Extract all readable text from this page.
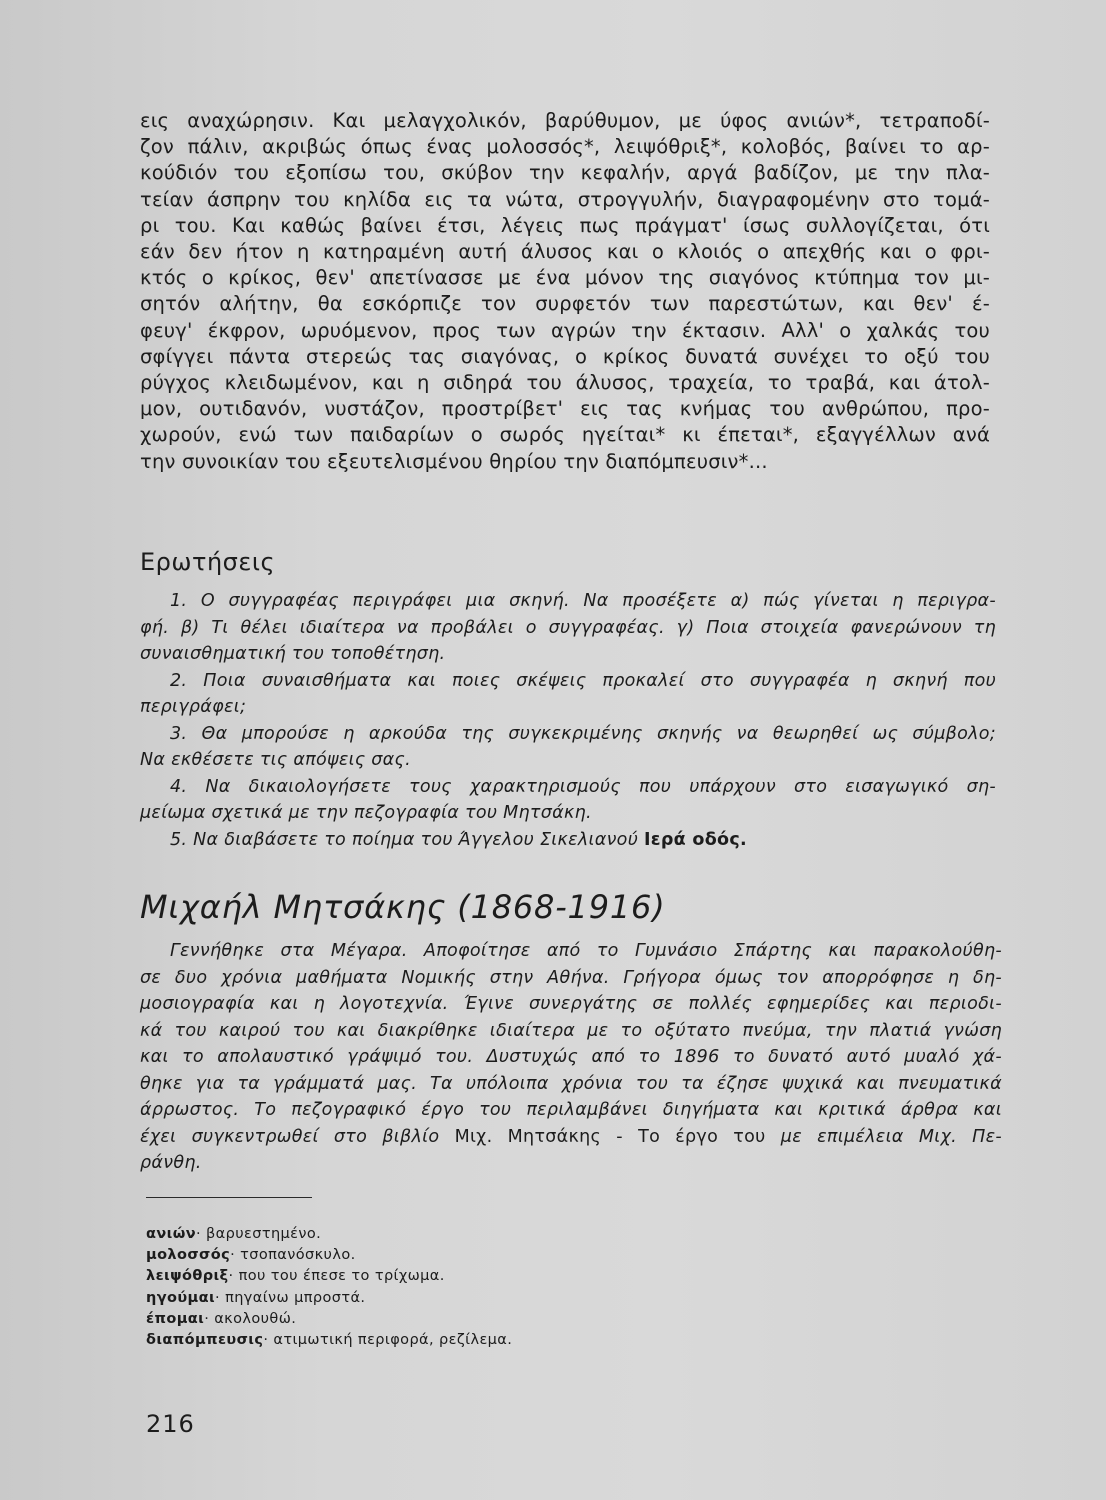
εις αναχώρησιν. Και μελαγχολικόν, βαρύθυμον, με ύφος ανιών*, τετραποδί-
ζον πάλιν, ακριβώς όπως ένας μολοσσός*, λειψόθριξ*, κολοβός, βαίνει το αρ-
κούδιόν του εξοπίσω του, σκύβον την κεφαλήν, αργά βαδίζον, με την πλα-
τείαν άσπρην του κηλίδα εις τα νώτα, στρογγυλήν, διαγραφομένην στο τομά-
ρι του. Και καθώς βαίνει έτσι, λέγεις πως πράγματ' ίσως συλλογίζεται, ότι
εάν δεν ήτον η κατηραμένη αυτή άλυσος και ο κλοιός ο απεχθής και ο φρι-
κτός ο κρίκος, θεν' απετίνασσε με ένα μόνον της σιαγόνος κτύπημα τον μι-
σητόν αλήτην, θα εσκόρπιζε τον συρφετόν των παρεστώτων, και θεν' έ-
φευγ' έκφρον, ωρυόμενον, προς των αγρών την έκτασιν. Αλλ' ο χαλκάς του
σφίγγει πάντα στερεώς τας σιαγόνας, ο κρίκος δυνατά συνέχει το οξύ του
ρύγχος κλειδωμένον, και η σιδηρά του άλυσος, τραχεία, το τραβά, και άτολ-
μον, ουτιδανόν, νυστάζον, προστρίβετ' εις τας κνήμας του ανθρώπου, προ-
χωρούν, ενώ των παιδαρίων ο σωρός ηγείται* κι έπεται*, εξαγγέλλων ανά
την συνοικίαν του εξευτελισμένου θηρίου την διαπόμπευσιν*...
Ερωτήσεις
1. Ο συγγραφέας περιγράφει μια σκηνή. Να προσέξετε α) πώς γίνεται η περιγρα-
φή. β) Τι θέλει ιδιαίτερα να προβάλει ο συγγραφέας. γ) Ποια στοιχεία φανερώνουν τη
συναισθηματική του τοποθέτηση.
2. Ποια συναισθήματα και ποιες σκέψεις προκαλεί στο συγγραφέα η σκηνή που
περιγράφει;
3. Θα μπορούσε η αρκούδα της συγκεκριμένης σκηνής να θεωρηθεί ως σύμβολο;
Να εκθέσετε τις απόψεις σας.
4. Να δικαιολογήσετε τους χαρακτηρισμούς που υπάρχουν στο εισαγωγικό ση-
μείωμα σχετικά με την πεζογραφία του Μητσάκη.
5. Να διαβάσετε το ποίημα του Άγγελου Σικελιανού Ιερά οδός.
Μιχαήλ Μητσάκης (1868-1916)
Γεννήθηκε στα Μέγαρα. Αποφοίτησε από το Γυμνάσιο Σπάρτης και παρακολούθη-
σε δυο χρόνια μαθήματα Νομικής στην Αθήνα. Γρήγορα όμως τον απορρόφησε η δη-
μοσιογραφία και η λογοτεχνία. Έγινε συνεργάτης σε πολλές εφημερίδες και περιοδι-
κά του καιρού του και διακρίθηκε ιδιαίτερα με το οξύτατο πνεύμα, την πλατιά γνώση
και το απολαυστικό γράψιμό του. Δυστυχώς από το 1896 το δυνατό αυτό μυαλό χά-
θηκε για τα γράμματά μας. Τα υπόλοιπα χρόνια του τα έζησε ψυχικά και πνευματικά
άρρωστος. Το πεζογραφικό έργο του περιλαμβάνει διηγήματα και κριτικά άρθρα και
έχει συγκεντρωθεί στο βιβλίο Μιχ. Μητσάκης - Το έργο του με επιμέλεια Μιχ. Πε-
ράνθη.
ανιών· βαρυεστημένο.
μολοσσός· τσοπανόσκυλο.
λειψόθριξ· που του έπεσε το τρίχωμα.
ηγούμαι· πηγαίνω μπροστά.
έπομαι· ακολουθώ.
διαπόμπευσις· ατιμωτική περιφορά, ρεζίλεμα.
216
